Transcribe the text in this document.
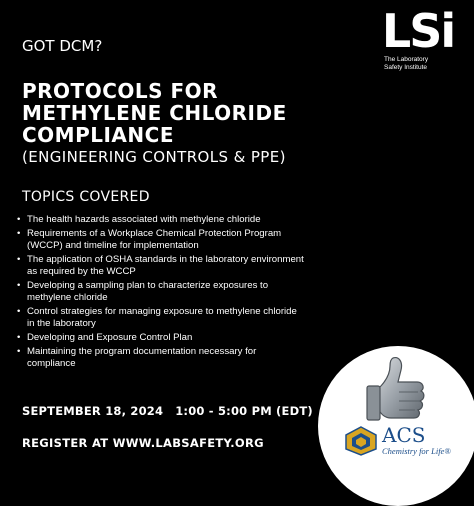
LSi
The Laboratory
Safety Institute
GOT DCM?
PROTOCOLS FOR METHYLENE CHLORIDE COMPLIANCE
(ENGINEERING CONTROLS & PPE)
TOPICS COVERED
• The health hazards associated with methylene chloride
• Requirements of a Workplace Chemical Protection Program (WCCP) and timeline for implementation
• The application of OSHA standards in the laboratory environment as required by the WCCP
• Developing a sampling plan to characterize exposures to methylene chloride
• Control strategies for managing exposure to methylene chloride in the laboratory
• Developing and Exposure Control Plan
• Maintaining the program documentation necessary for compliance
SEPTEMBER 18, 2024 1:00 - 5:00 PM (EDT)
REGISTER AT WWW.LABSAFETY.ORG	ACS
Chemistry for Life®
